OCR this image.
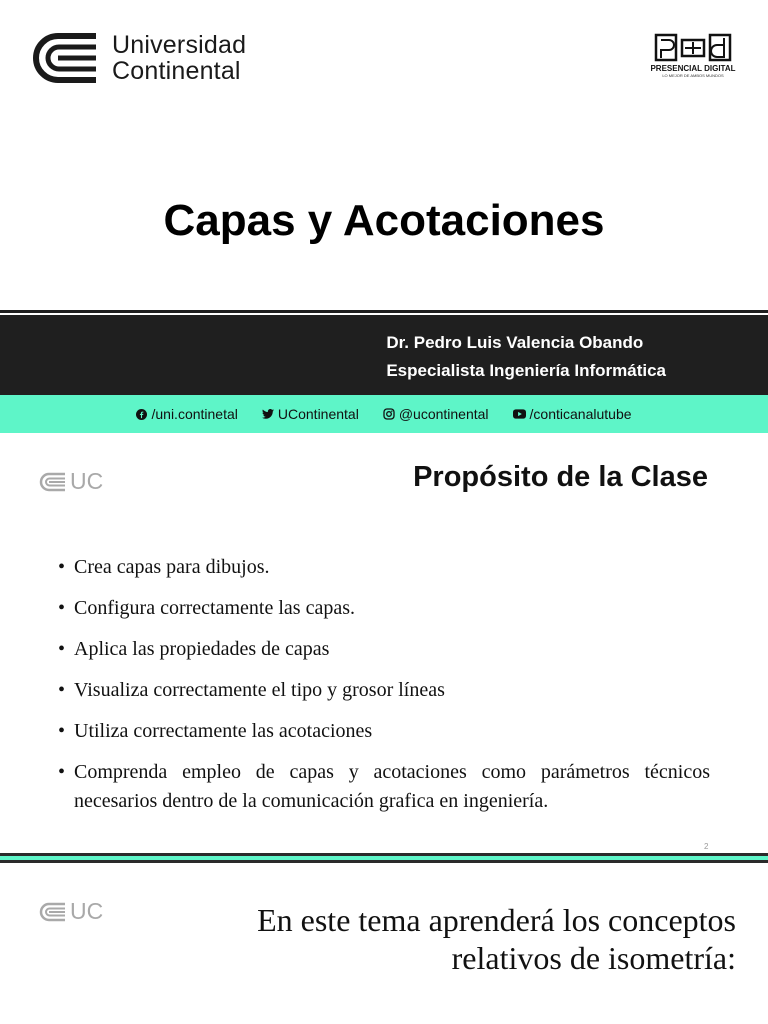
Universidad
Continental	PRESENCIAL DIGITAL
LO MEJOR DE AMBOS MUNDOS
Capas y Acotaciones
Dr. Pedro Luis Valencia Obando
Especialista Ingeniería Informática
/uni.continetal	UContinental	@ucontinental	/conticanalutube
UC	Propósito de la Clase
• Crea capas para dibujos.
• Configura correctamente las capas.
• Aplica las propiedades de capas
• Visualiza correctamente el tipo y grosor líneas
• Utiliza correctamente las acotaciones
• Comprenda empleo de capas y acotaciones como parámetros técnicos necesarios dentro de la comunicación grafica en ingeniería.
2
UC	En este tema aprenderá los conceptos
relativos de isometría:
